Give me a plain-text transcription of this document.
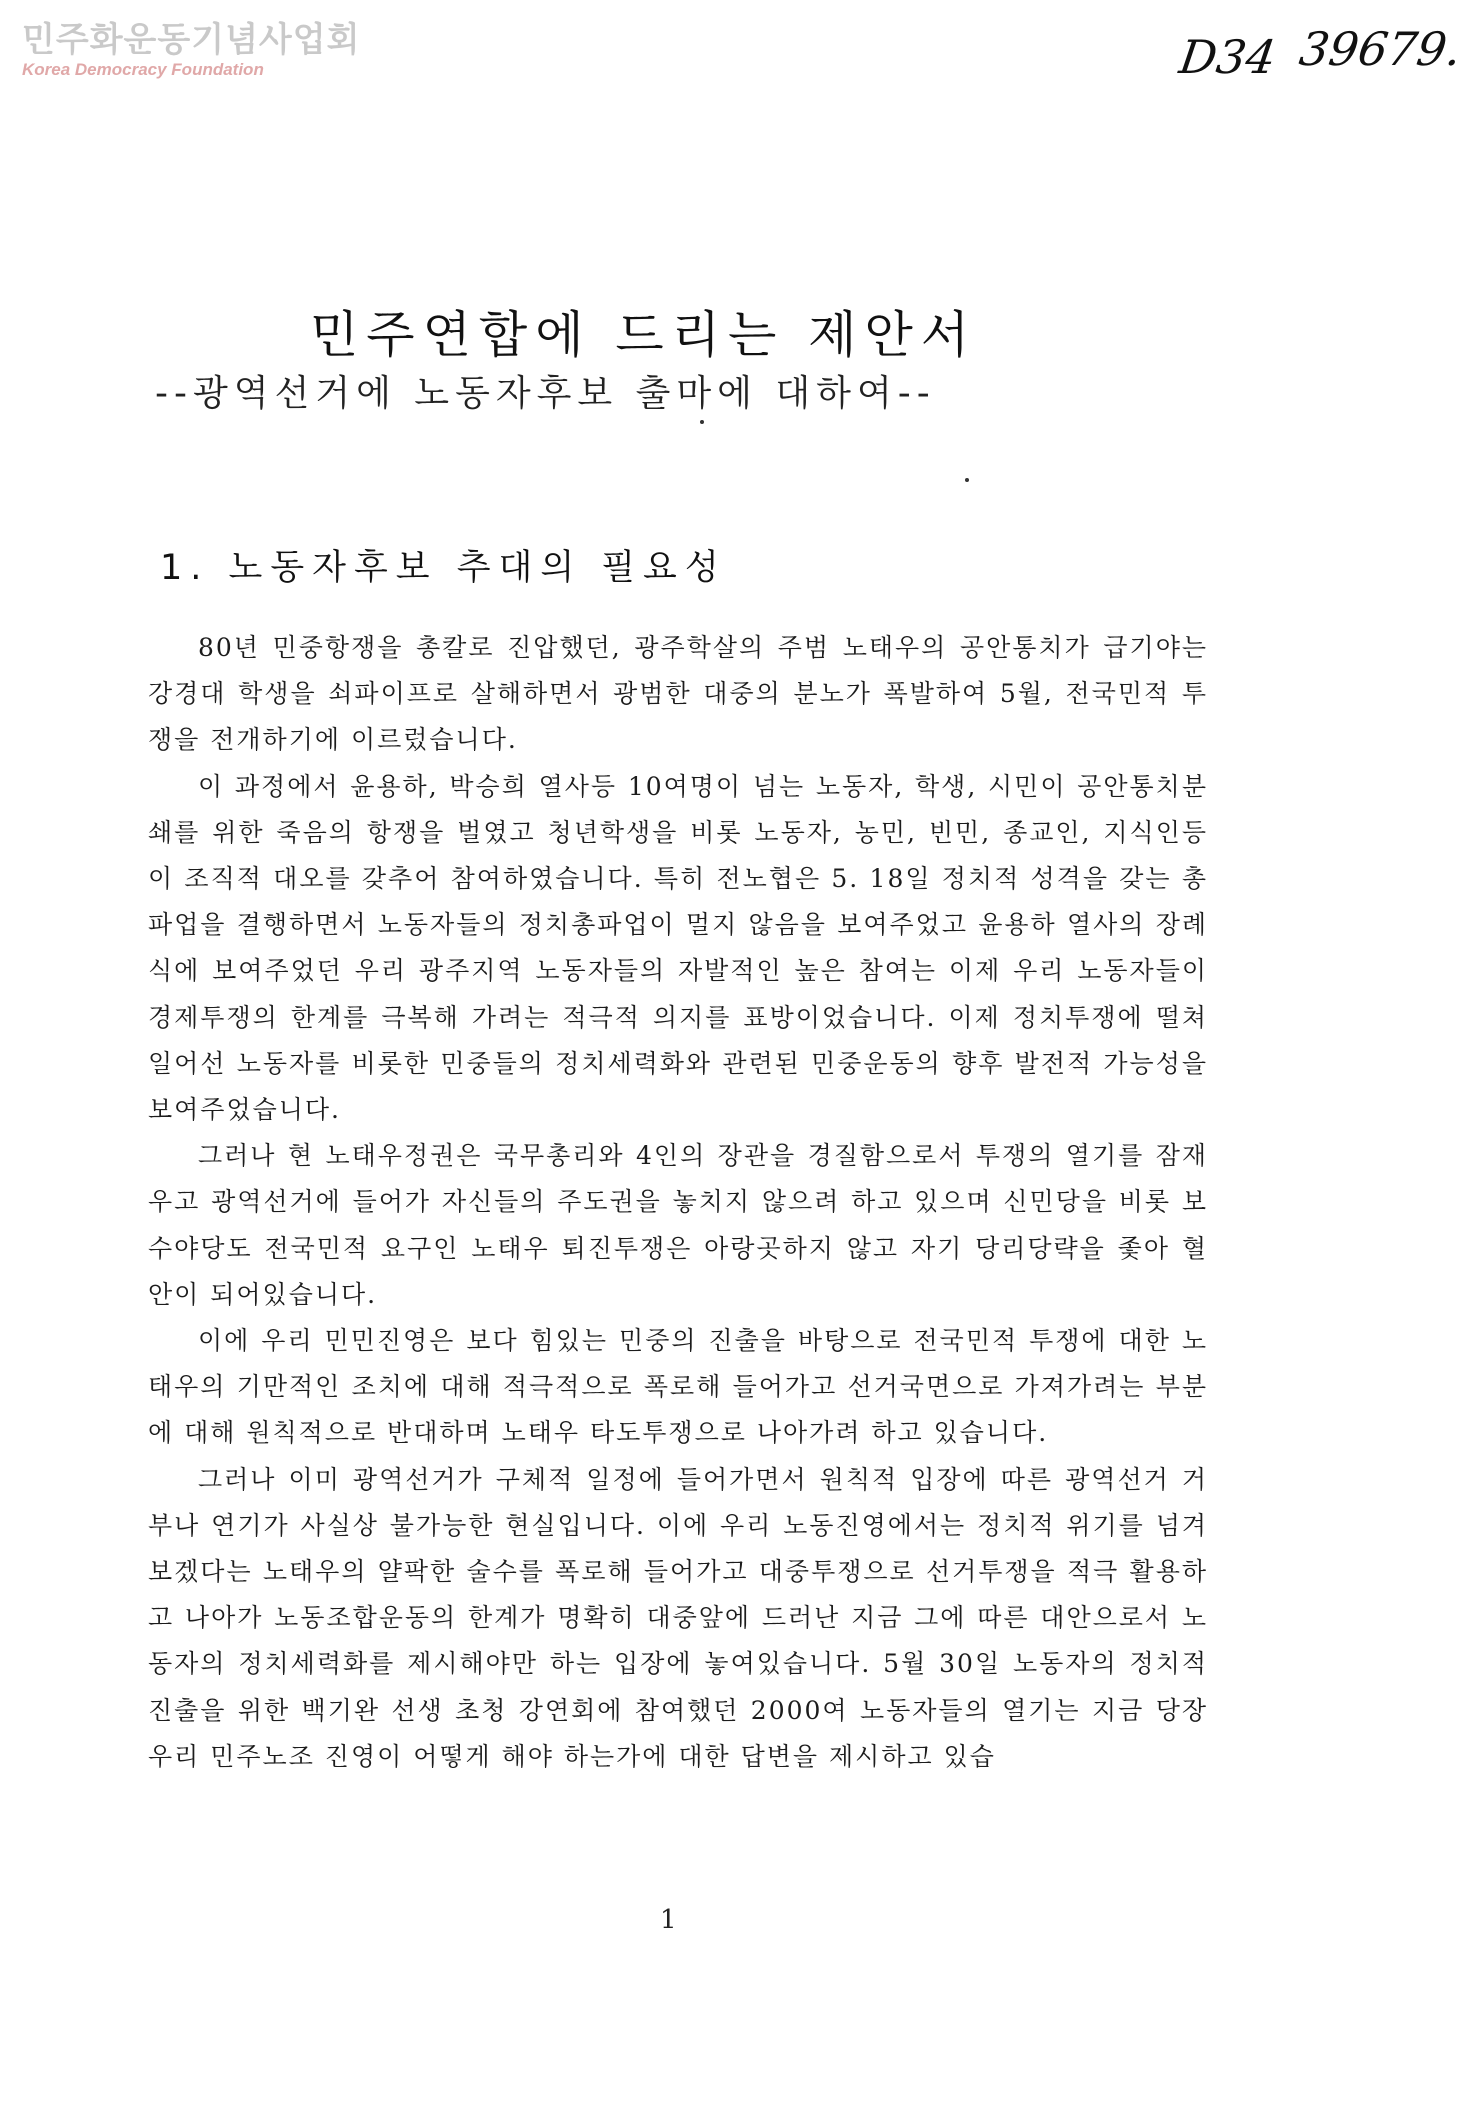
민주화운동기념사업회
Korea Democracy Foundation	D34 39679.
민주연합에 드리는 제안서
--광역선거에 노동자후보 출마에 대하여--
1. 노동자후보 추대의 필요성

80년 민중항쟁을 총칼로 진압했던, 광주학살의 주범 노태우의 공안통치가 급기야는 강경대 학생을 쇠파이프로 살해하면서 광범한 대중의 분노가 폭발하여 5월, 전국민적 투쟁을 전개하기에 이르렀습니다.

이 과정에서 윤용하, 박승희 열사등 10여명이 넘는 노동자, 학생, 시민이 공안통치분쇄를 위한 죽음의 항쟁을 벌였고 청년학생을 비롯 노동자, 농민, 빈민, 종교인, 지식인등이 조직적 대오를 갖추어 참여하였습니다. 특히 전노협은 5. 18일 정치적 성격을 갖는 총파업을 결행하면서 노동자들의 정치총파업이 멀지 않음을 보여주었고 윤용하 열사의 장례식에 보여주었던 우리 광주지역 노동자들의 자발적인 높은 참여는 이제 우리 노동자들이 경제투쟁의 한계를 극복해 가려는 적극적 의지를 표방이었습니다. 이제 정치투쟁에 떨쳐 일어선 노동자를 비롯한 민중들의 정치세력화와 관련된 민중운동의 향후 발전적 가능성을 보여주었습니다.

그러나 현 노태우정권은 국무총리와 4인의 장관을 경질함으로서 투쟁의 열기를 잠재우고 광역선거에 들어가 자신들의 주도권을 놓치지 않으려 하고 있으며 신민당을 비롯 보수야당도 전국민적 요구인 노태우 퇴진투쟁은 아랑곳하지 않고 자기 당리당략을 좇아 혈안이 되어있습니다.

이에 우리 민민진영은 보다 힘있는 민중의 진출을 바탕으로 전국민적 투쟁에 대한 노태우의 기만적인 조치에 대해 적극적으로 폭로해 들어가고 선거국면으로 가져가려는 부분에 대해 원칙적으로 반대하며 노태우 타도투쟁으로 나아가려 하고 있습니다.

그러나 이미 광역선거가 구체적 일정에 들어가면서 원칙적 입장에 따른 광역선거 거부나 연기가 사실상 불가능한 현실입니다. 이에 우리 노동진영에서는 정치적 위기를 넘겨보겠다는 노태우의 얄팍한 술수를 폭로해 들어가고 대중투쟁으로 선거투쟁을 적극 활용하고 나아가 노동조합운동의 한계가 명확히 대중앞에 드러난 지금 그에 따른 대안으로서 노동자의 정치세력화를 제시해야만 하는 입장에 놓여있습니다. 5월 30일 노동자의 정치적 진출을 위한 백기완 선생 초청 강연회에 참여했던 2000여 노동자들의 열기는 지금 당장 우리 민주노조 진영이 어떻게 해야 하는가에 대한 답변을 제시하고 있습

1
